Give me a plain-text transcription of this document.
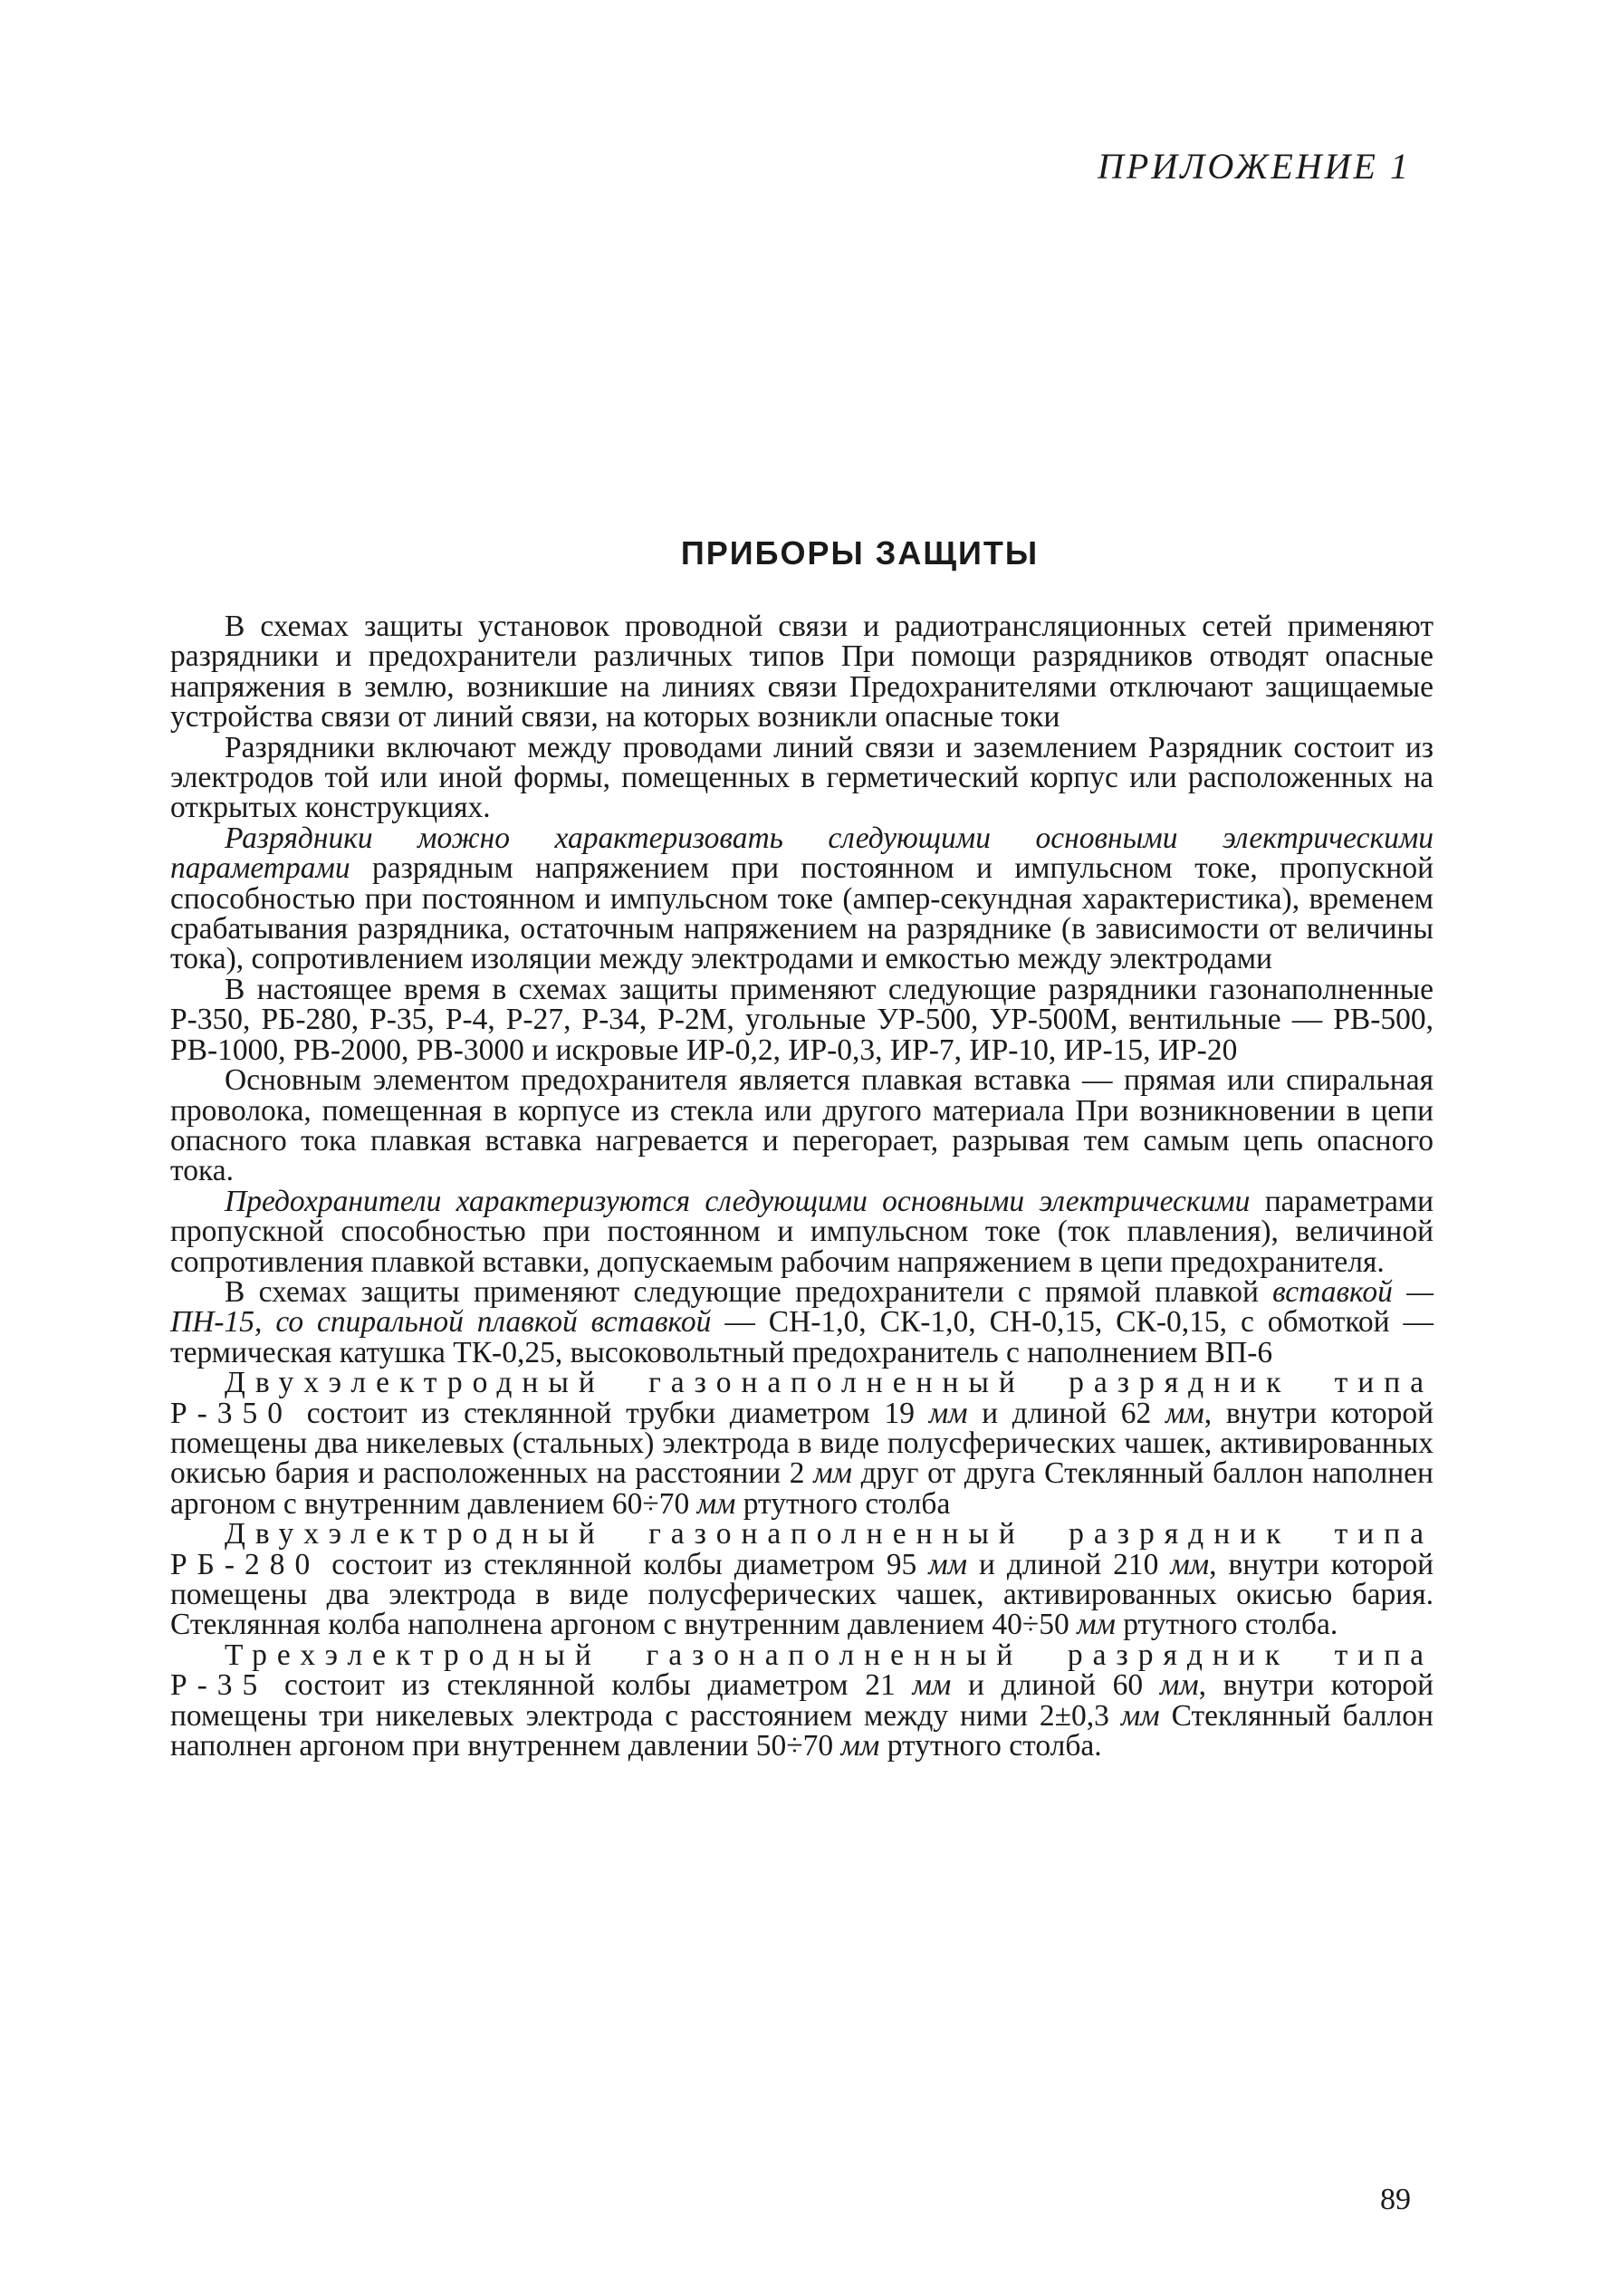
ПРИЛОЖЕНИЕ 1
ПРИБОРЫ ЗАЩИТЫ

В схемах защиты установок проводной связи и радиотрансляционных сетей применяют разрядники и предохранители различных типов При помощи разрядников отводят опасные напряжения в землю, возникшие на линиях связи Предохранителями отключают защищаемые устройства связи от линий связи, на которых возникли опасные токи

Разрядники включают между проводами линий связи и заземлением Разрядник состоит из электродов той или иной формы, помещенных в герметический корпус или расположенных на открытых конструкциях.

Разрядники можно характеризовать следующими основными электрическими параметрами разрядным напряжением при постоянном и импульсном токе, пропускной способностью при постоянном и импульсном токе (ампер-секундная характеристика), временем срабатывания разрядника, остаточным напряжением на разряднике (в зависимости от величины тока), сопротивлением изоляции между электродами и емкостью между электродами

В настоящее время в схемах защиты применяют следующие разрядники газонаполненные Р-350, РБ-280, Р-35, Р-4, Р-27, Р-34, Р-2М, угольные УР-500, УР-500М, вентильные — РВ-500, РВ-1000, РВ-2000, РВ-3000 и искровые ИР-0,2, ИР-0,3, ИР-7, ИР-10, ИР-15, ИР-20

Основным элементом предохранителя является плавкая вставка — прямая или спиральная проволока, помещенная в корпусе из стекла или другого материала При возникновении в цепи опасного тока плавкая вставка нагревается и перегорает, разрывая тем самым цепь опасного тока.

Предохранители характеризуются следующими основными электрическими параметрами пропускной способностью при постоянном и импульсном токе (ток плавления), величиной сопротивления плавкой вставки, допускаемым рабочим напряжением в цепи предохранителя.

В схемах защиты применяют следующие предохранители с прямой плавкой вставкой — ПН-15, со спиральной плавкой вставкой — СН-1,0, СК-1,0, СН-0,15, СК-0,15, с обмоткой — термическая катушка ТК-0,25, высоковольтный предохранитель с наполнением ВП-6

Двухэлектродный газонаполненный разрядник типа Р-350 состоит из стеклянной трубки диаметром 19 мм и длиной 62 мм, внутри которой помещены два никелевых (стальных) электрода в виде полусферических чашек, активированных окисью бария и расположенных на расстоянии 2 мм друг от друга Стеклянный баллон наполнен аргоном с внутренним давлением 60÷70 мм ртутного столба

Двухэлектродный газонаполненный разрядник типа РБ-280 состоит из стеклянной колбы диаметром 95 мм и длиной 210 мм, внутри которой помещены два электрода в виде полусферических чашек, активированных окисью бария. Стеклянная колба наполнена аргоном с внутренним давлением 40÷50 мм ртутного столба.

Трехэлектродный газонаполненный разрядник типа Р-35 состоит из стеклянной колбы диаметром 21 мм и длиной 60 мм, внутри которой помещены три никелевых электрода с расстоянием между ними 2±0,3 мм Стеклянный баллон наполнен аргоном при внутреннем давлении 50÷70 мм ртутного столба.

89
